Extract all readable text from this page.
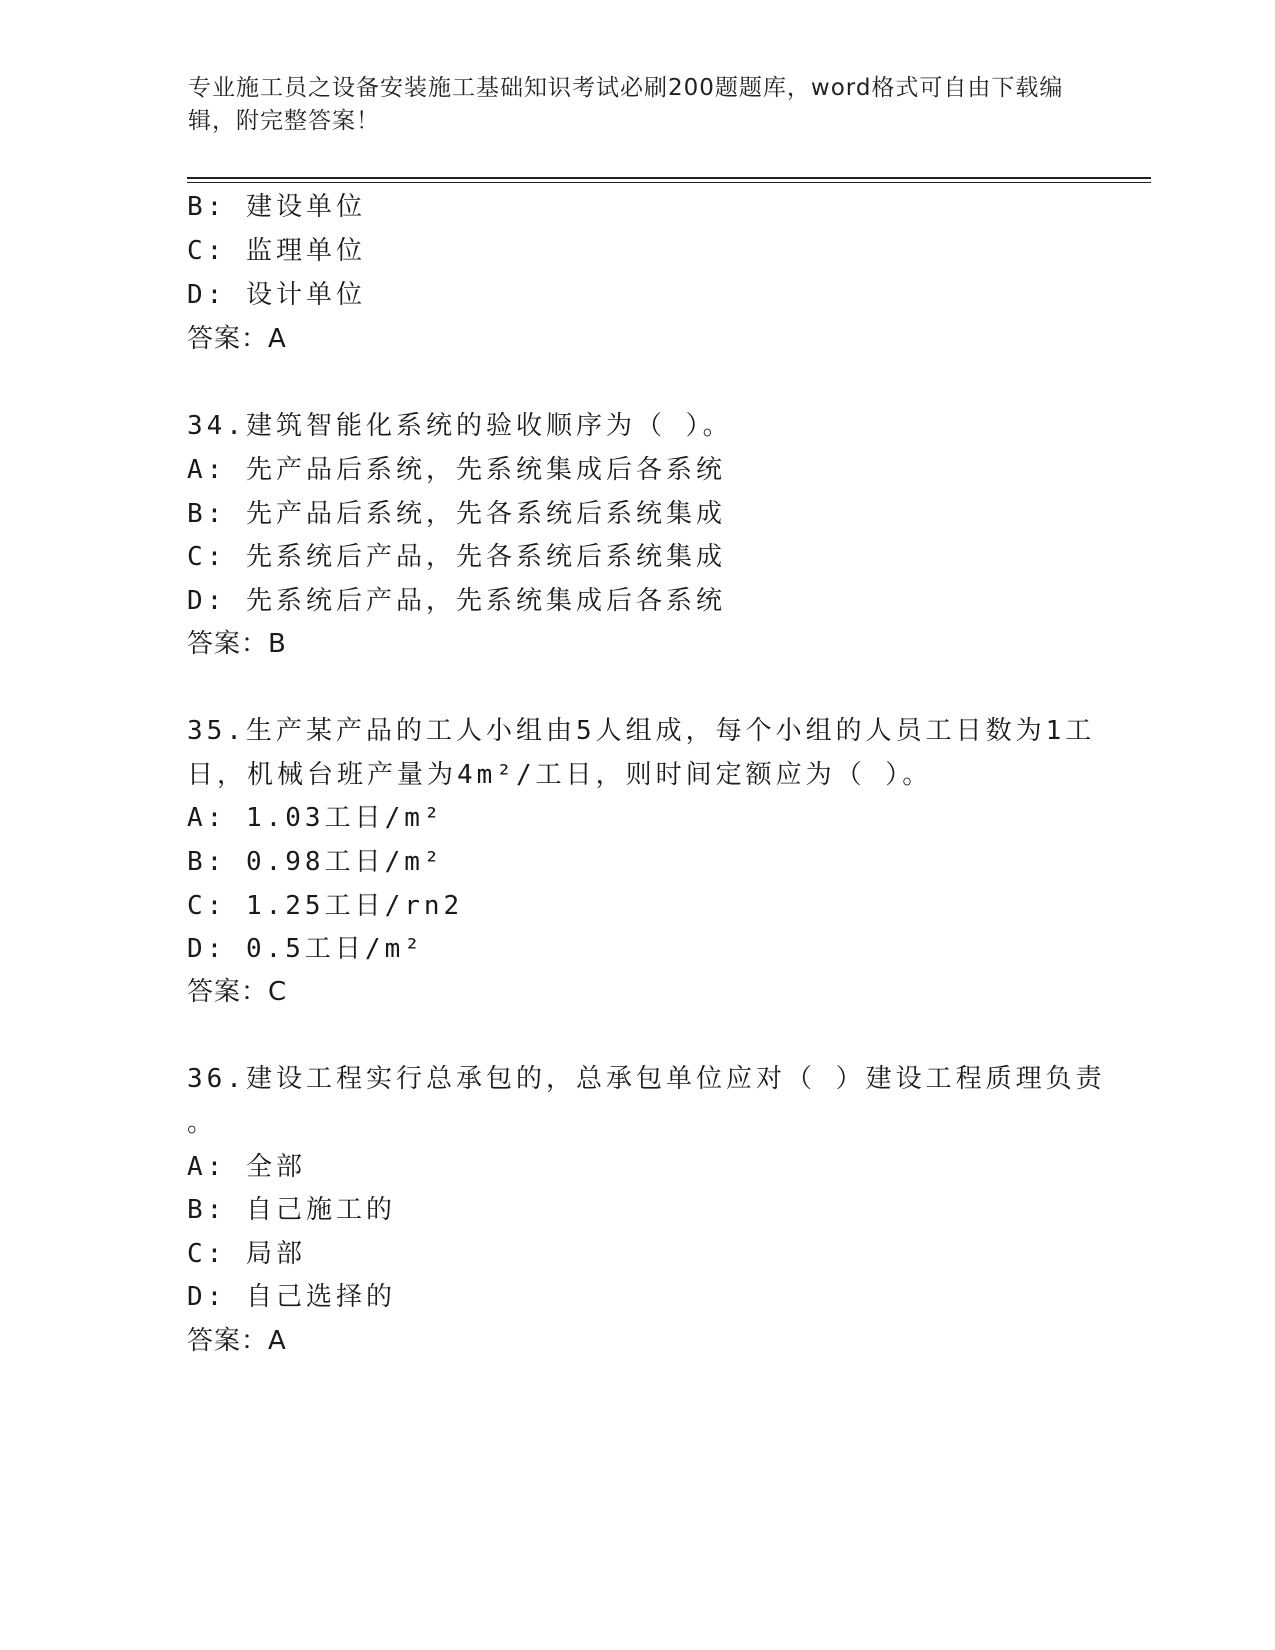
专业施工员之设备安装施工基础知识考试必刷200题题库，word格式可自由下载编辑，附完整答案！
B: 建设单位
C: 监理单位
D: 设计单位
答案：A
34.建筑智能化系统的验收顺序为（ ）。
A: 先产品后系统，先系统集成后各系统
B: 先产品后系统，先各系统后系统集成
C: 先系统后产品，先各系统后系统集成
D: 先系统后产品，先系统集成后各系统
答案：B
35.生产某产品的工人小组由5人组成，每个小组的人员工日数为1工
日，机械台班产量为4m²/工日，则时间定额应为（ ）。
A: 1.03工日/m²
B: 0.98工日/m²
C: 1.25工日/rn2
D: 0.5工日/m²
答案：C
36.建设工程实行总承包的，总承包单位应对（ ）建设工程质理负责
。
A: 全部
B: 自己施工的
C: 局部
D: 自己选择的
答案：A
